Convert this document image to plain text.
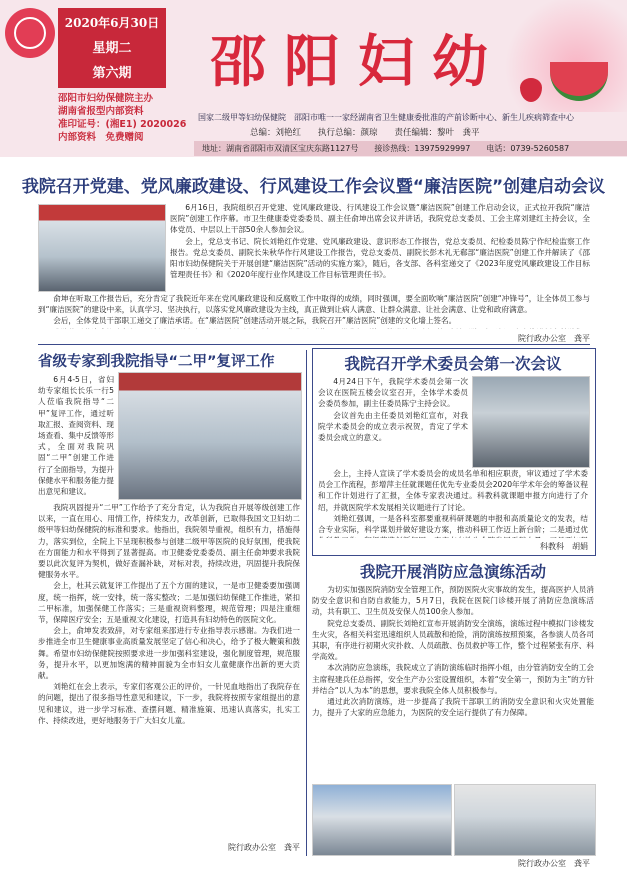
2020年6月30日
星期二
第六期
邵阳市妇幼保健院主办
湖南省报型内部资料
准印证号：(湘E1) 2020026
内部资料　免费赠阅
邵阳妇幼
国家二级甲等妇幼保健院　邵阳市唯一一家经湖南省卫生健康委批准的产前诊断中心、新生儿疾病筛查中心
总编：刘艳红　　执行总编：颜琼　　责任编辑：黎叶　龚平
地址：湖南省邵阳市双清区宝庆东路1127号　　接诊热线：13975929997　　电话：0739-5260587
我院召开党建、党风廉政建设、行风建设工作会议暨“廉洁医院”创建启动会议

6月16日，我院组织召开党建、党风廉政建设、行风建设工作会议暨“廉洁医院”创建工作启动会议，正式拉开我院“廉洁医院”创建工作序幕。市卫生健康委党委委员、副主任俞坤出席会议并讲话，我院党总支委员、工会主席刘建红主持会议，全体党员、中层以上干部50余人参加会议。

会上，党总支书记、院长刘艳红作党建、党风廉政建设、意识形态工作报告，党总支委员、纪检委员陈宁作纪检监察工作报告。党总支委员、副院长朱秋华作行风建设工作报告，党总支委员、副院长彭木礼无郗部“廉洁医院”创建工作并解读了《邵阳市妇幼保健院关于开展创建“廉洁医院”活动的实施方案》，随后，各支部、各科室递交了《2023年度党风廉政建设工作目标管理责任书》和《2020年度行业作风建设工作目标管理责任书》。

俞坤在听取工作报告后，充分肯定了我院近年来在党风廉政建设和反腐败工作中取得的成绩，同时强调，要全面吹响“廉洁医院”创建“冲锋号”，让全体员工参与到“廉洁医院”的建设中来，认真学习、坚决执行，以落实党风廉政建设为主线，真正做到让病人满意、让群众满意、让社会满意、让党和政府满意。

会后，全体党员干部职工递交了廉洁承诺。在“廉洁医院”创建活动开展之际，我院召开”廉洁医院”创建的文化墙上签名。

院行政办公室　龚平
省级专家到我院指导“二甲”复评工作

6月4-5日，省妇幼专家组长长乐一行5人莅临我院指导“二甲”复评工作，通过听取汇报、查阅资料、现场查看、集中反馈等形式，全面对我院巩固“二甲”创建工作进行了全面指导，为提升保健水平和服务能力提出意见和建议。

我院巩固提升“二甲”工作给予了充分肯定，认为我院自开展等级创建工作以来，一直在用心、用情工作，持续发力，改革创新，已取得我国文卫妇幼二级甲等妇幼保健院的标准和要求。他指出，我院领导重视，组织有力，措施得力，落实到位，全院上下呈现积极参与创建二级甲等医院的良好氛围，使我院在方面能力和水平得到了显著提高。市卫健委党委委员、副主任俞坤要求我院要以此次复评为契机，做好查漏补缺，对标对表，持续改进，巩固提升我院保健服务水平。

会上，杜其云就复评工作提出了五个方面的建议，一是市卫健委要加强调度，统一指挥，统一安排，统一落实整改；二是加强妇幼保健工作推进，紧扣二甲标准，加强保健工作落实；三是重视资料整理，规范管理；四是注重细节，保障医疗安全；五是重视文化建设，打造具有妇幼特色的医院文化。

会上，俞坤发表致辞，对专家组来邵进行专业指导表示感谢。为我们进一步推进全市卫生健康事业高质量发展坚定了信心和决心，给予了极大鞭策和鼓舞。希望市妇幼保健院按照要求进一步加强科室建设，强化制度管理，规范服务，提升水平，以更加饱满的精神面貌为全市妇女儿童健康作出新的更大贡献。

刘艳红在会上表示，专家们客观公正的评价，一针见血地指出了我院存在的问题，提出了很多指导性意见和建议，下一步，我院将按照专家组提出的意见和建议，进一步学习标准、查摆问题、精准施策、迅速认真落实，扎实工作、持续改进，更好地服务于广大妇女儿童。

院行政办公室　龚平
我院召开学术委员会第一次会议

4月24日下午，我院学术委员会第一次会议在医院五楼会议室召开，全体学术委员会委员参加，副主任委员陈宁主持会议。

会议首先由主任委员刘艳红宣布，对我院学术委员会的成立表示祝贺，肯定了学术委员会成立的意义。

会上，主持人宣读了学术委员会的成员名单和相应职责，审议通过了学术委员会工作流程，彭增萍主任就课题任优先专业委员会2020年学术年会的筹备议程和工作计划进行了汇报，全体专家表决通过。科教科就课题申报方向进行了介绍，并就医院学术发展相关议题进行了讨论。

刘艳红强调，一是各科室都要重视科研课题的申报和高质量论文的发表，结合专业实际，科学谋划并做好建设方案，推动科研工作迈上新台阶；二是通过优

科教科　胡娟
我院开展消防应急演练活动

为切实加强医院消防安全管理工作，预防医院火灾事故的发生，提高医护人员消防安全意识和自防自救能力，5月7日，我院在医院门诊楼开展了消防应急演练活动，共有职工、卫生员及安保人员100余人参加。

院党总支委员、副院长刘艳红宣布开展消防安全演练，演练过程中模拟门诊楼发生火灾，各相关科室迅速组织人员疏散和抢险，消防演练按照预案，各参演人员各司其职，有序进行初期火灾扑救、人员疏散、伤员救护等工作，整个过程紧张有序、科学高效。

本次消防应急演练，我院成立了消防演练临时指挥小组，由分管消防安全的工会主席程建兵任总指挥，安全生产办公室设置组织，本着“安全第一，预防为主”的方针并结合“以人为本”的思想，要求我院全体人员积极参与。

通过此次消防演练，进一步提高了我院干部职工的消防安全意识和火灾处置能力，提升了大家的应急能力，为医院的安全运行提供了有力保障。

院行政办公室　龚平
